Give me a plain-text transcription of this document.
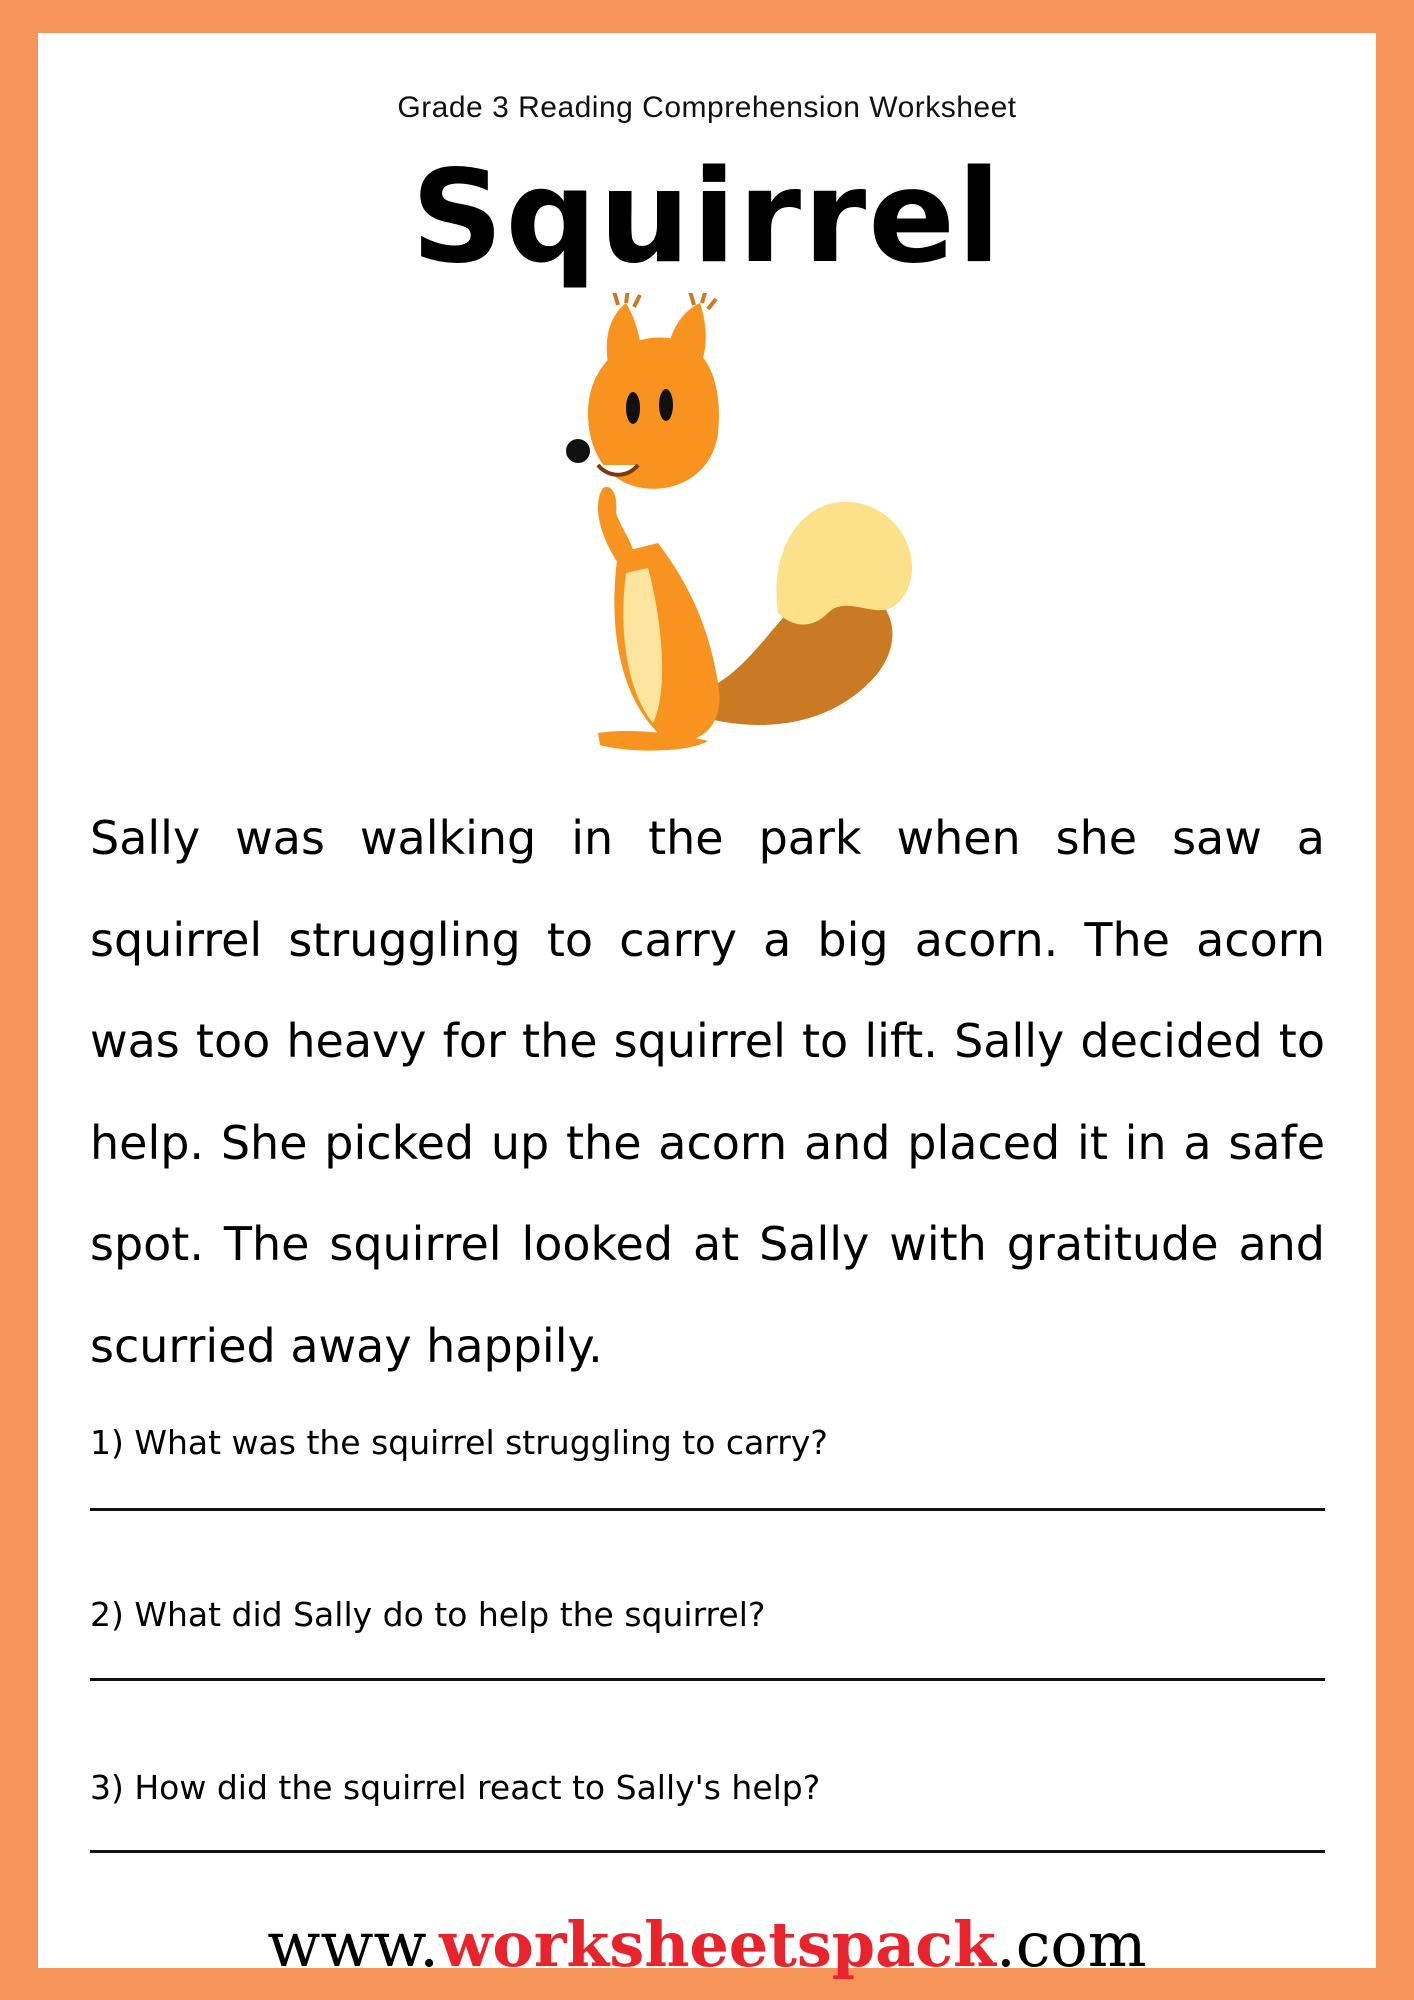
Grade 3 Reading Comprehension Worksheet
Squirrel

Sally was walking in the park when she saw a squirrel struggling to carry a big acorn. The acorn was too heavy for the squirrel to lift. Sally decided to help. She picked up the acorn and placed it in a safe spot. The squirrel looked at Sally with gratitude and scurried away happily.

1) What was the squirrel struggling to carry?
2) What did Sally do to help the squirrel?
3) How did the squirrel react to Sally's help?
www.worksheetspack.com
